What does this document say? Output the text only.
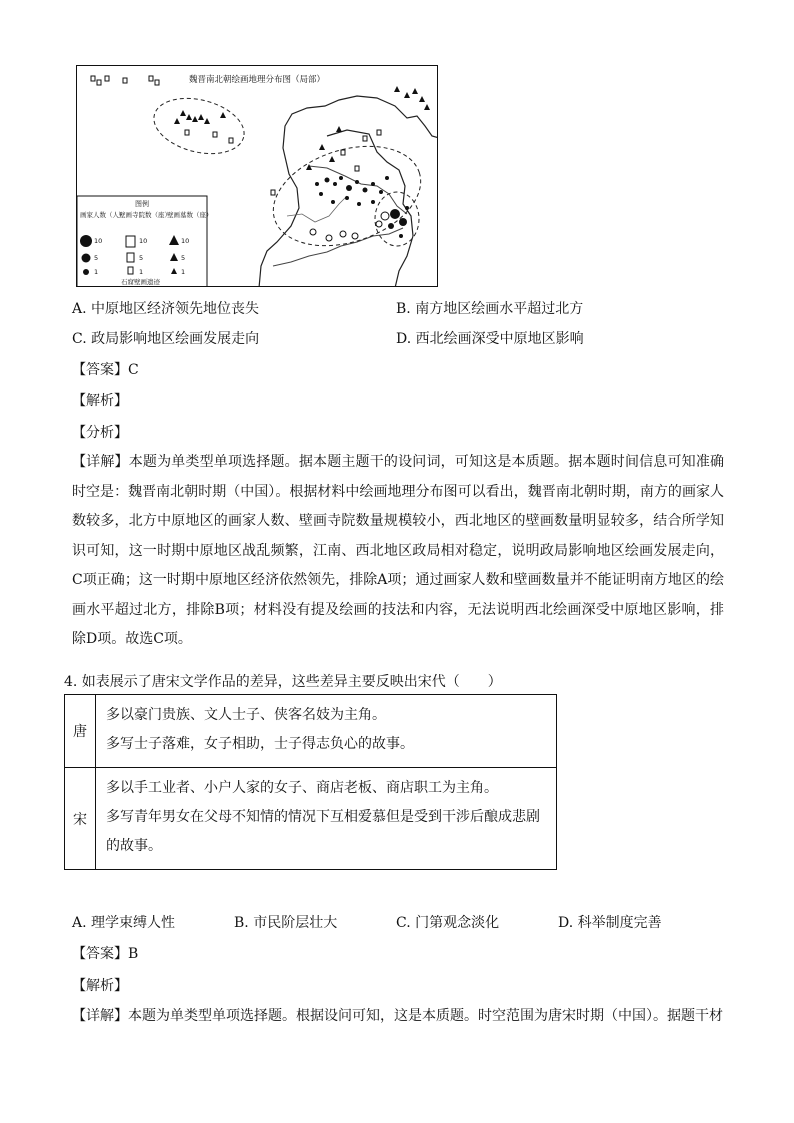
魏晋南北朝绘画地理分布图（局部）
图例
画家人数（人）
壁画寺院数（座）
壁画墓数（座）
10
5
1
10
5
1
10
5
1
石窟壁画遗迹
A. 中原地区经济领先地位丧失	B. 南方地区绘画水平超过北方
C. 政局影响地区绘画发展走向	D. 西北绘画深受中原地区影响
【答案】C
【解析】
【分析】
【详解】本题为单类型单项选择题。据本题主题干的设问词，可知这是本质题。据本题时间信息可知准确时空是：魏晋南北朝时期（中国）。根据材料中绘画地理分布图可以看出，魏晋南北朝时期，南方的画家人数较多，北方中原地区的画家人数、壁画寺院数量规模较小，西北地区的壁画数量明显较多，结合所学知识可知，这一时期中原地区战乱频繁，江南、西北地区政局相对稳定，说明政局影响地区绘画发展走向，C项正确；这一时期中原地区经济依然领先，排除A项；通过画家人数和壁画数量并不能证明南方地区的绘画水平超过北方，排除B项；材料没有提及绘画的技法和内容，无法说明西北绘画深受中原地区影响，排除D项。故选C项。
4. 如表展示了唐宋文学作品的差异，这些差异主要反映出宋代（　　）
唐	多以豪门贵族、文人士子、侠客名妓为主角。
多写士子落难，女子相助，士子得志负心的故事。

宋	多以手工业者、小户人家的女子、商店老板、商店职工为主角。
多写青年男女在父母不知情的情况下互相爱慕但是受到干涉后酿成悲剧
的故事。
A. 理学束缚人性	B. 市民阶层壮大	C. 门第观念淡化	D. 科举制度完善
【答案】B
【解析】
【详解】本题为单类型单项选择题。根据设问可知，这是本质题。时空范围为唐宋时期（中国）。据题干材
